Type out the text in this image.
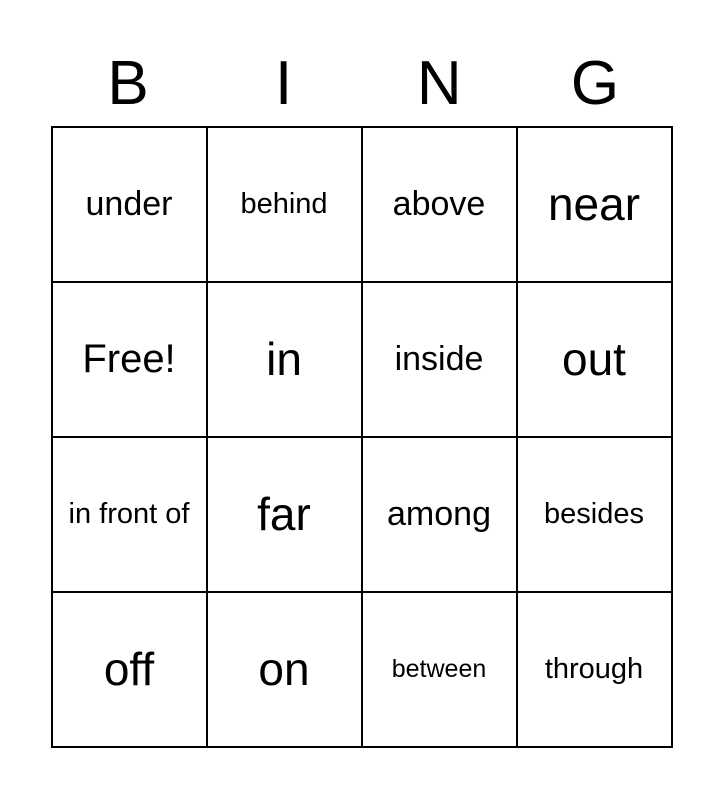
B	I	N	G
under	behind	above	near
Free!	in	inside	out
in front of	far	among	besides
off	on	between	through
